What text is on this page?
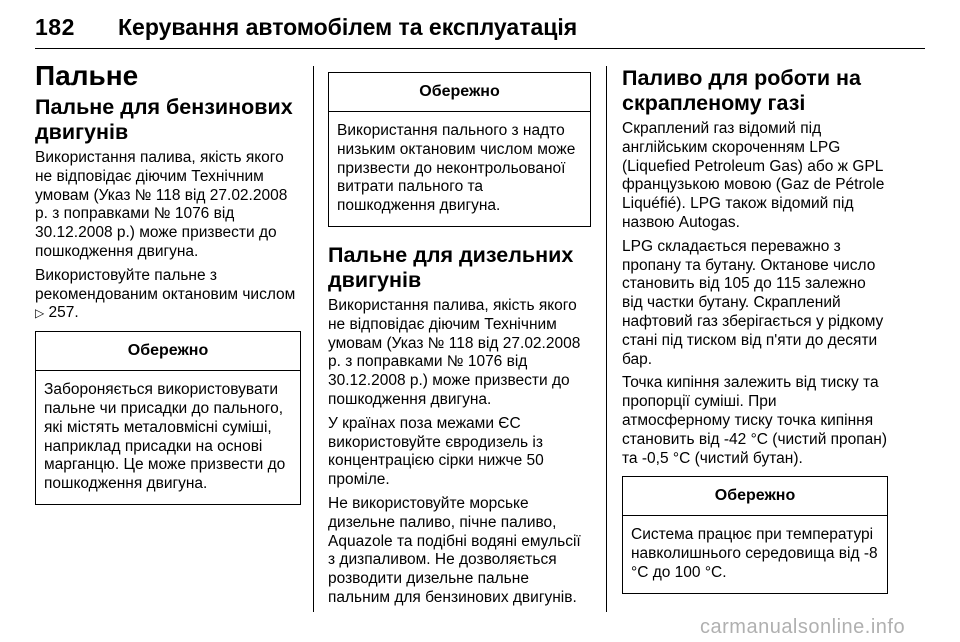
182 Керування автомобілем та експлуатація
Пальне
Пальне для бензинових двигунів

Використання палива, якість якого не відповідає діючим Технічним умовам (Указ № 118 від 27.02.2008 р. з поправками № 1076 від 30.12.2008 р.) може призвести до пошкодження двигуна.

Використовуйте пальне з рекомендованим октановим числом ▷ 257.

Обережно
Забороняється використовувати пальне чи присадки до пального, які містять металовмісні суміші, наприклад присадки на основі марганцю. Це може призвести до пошкодження двигуна.
Обережно
Використання пального з надто низьким октановим числом може призвести до неконтрольованої витрати пального та пошкодження двигуна.
Пальне для дизельних двигунів

Використання палива, якість якого не відповідає діючим Технічним умовам (Указ № 118 від 27.02.2008 р. з поправками № 1076 від 30.12.2008 р.) може призвести до пошкодження двигуна.

У країнах поза межами ЄС використовуйте євродизель із концентрацією сірки нижче 50 проміле.

Не використовуйте морське дизельне паливо, пічне паливо, Aquazole та подібні водяні емульсії з дизпаливом. Не дозволяється розводити дизельне пальне пальним для бензинових двигунів.

Паливо для роботи на скрапленому газі

Скраплений газ відомий під англійським скороченням LPG (Liquefied Petroleum Gas) або ж GPL французькою мовою (Gaz de Pétrole Liquéfié). LPG також відомий під назвою Autogas.

LPG складається переважно з пропану та бутану. Октанове число становить від 105 до 115 залежно від частки бутану. Скраплений нафтовий газ зберігається у рідкому стані під тиском від п'яти до десяти бар.

Точка кипіння залежить від тиску та пропорції суміші. При атмосферному тиску точка кипіння становить від -42 °C (чистий пропан) та -0,5 °C (чистий бутан).

Обережно
Система працює при температурі навколишнього середовища від -8 °C до 100 °C.
carmanualsonline.info
